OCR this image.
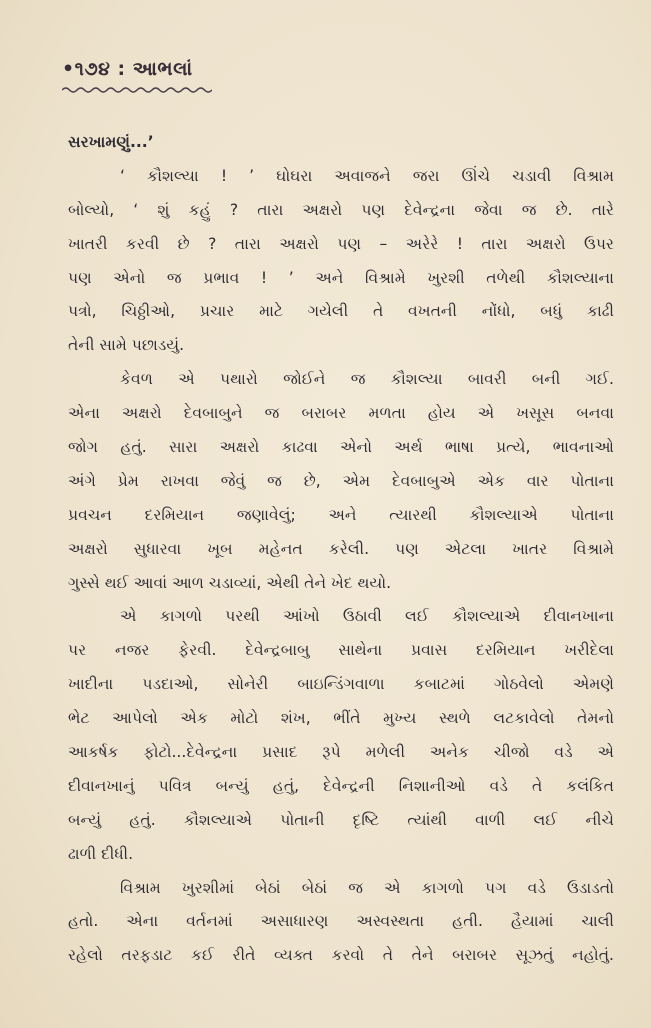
•૧૭૪ : આભલાં
સરખામણું...’
‘ કૌશલ્યા ! ’ ઘોઘરા અવાજને જરા ઊંચે ચડાવી વિશ્રામ
બોલ્યો, ‘ શું કહું ? તારા અક્ષરો પણ દેવેન્દ્રના જેવા જ છે. તારે
ખાતરી કરવી છે ? તારા અક્ષરો પણ – અરેરે ! તારા અક્ષરો ઉપર
પણ એનો જ પ્રભાવ ! ’ અને વિશ્રામે ખુરશી તળેથી કૌશલ્યાના
પત્રો, ચિઠ્ઠીઓ, પ્રચાર માટે ગયેલી તે વખતની નોંધો, બધું કાઢી
તેની સામે પછાડયું.
કેવળ એ પથારો જોઈને જ કૌશલ્યા બાવરી બની ગઈ.
એના અક્ષરો દેવબાબુને જ બરાબર મળતા હોય એ ખસૂસ બનવા
જોગ હતું. સારા અક્ષરો કાઢવા એનો અર્થ ભાષા પ્રત્યે, ભાવનાઓ
અંગે પ્રેમ રાખવા જેવું જ છે, એમ દેવબાબુએ એક વાર પોતાના
પ્રવચન દરમિયાન જણાવેલું; અને ત્યારથી કૌશલ્યાએ પોતાના
અક્ષરો સુધારવા ખૂબ મહેનત કરેલી. પણ એટલા ખાતર વિશ્રામે
ગુસ્સે થઈ આવાં આળ ચડાવ્યાં, એથી તેને ખેદ થયો.
એ કાગળો પરથી આંખો ઉઠાવી લઈ કૌશલ્યાએ દીવાનખાના
પર નજર ફેરવી. દેવેન્દ્રબાબુ સાથેના પ્રવાસ દરમિયાન ખરીદેલા
ખાદીના પડદાઓ, સોનેરી બાઇન્ડિંગવાળા કબાટમાં ગોઠવેલો એમણે
ભેટ આપેલો એક મોટો શંખ, ભીંતે મુખ્ય સ્થળે લટકાવેલો તેમનો
આકર્ષક ફોટો...દેવેન્દ્રના પ્રસાદ રૂપે મળેલી અનેક ચીજો વડે એ
દીવાનખાનું પવિત્ર બન્યું હતું, દેવેન્દ્રની નિશાનીઓ વડે તે કલંકિત
બન્યું હતું. કૌશલ્યાએ પોતાની દૃષ્ટિ ત્યાંથી વાળી લઈ નીચે
ઢાળી દીધી.
વિશ્રામ ખુરશીમાં બેઠાં બેઠાં જ એ કાગળો પગ વડે ઉડાડતો
હતો. એના વર્તનમાં અસાધારણ અસ્વસ્થતા હતી. હૈયામાં ચાલી
રહેલો તરફડાટ કઈ રીતે વ્યક્ત કરવો તે તેને બરાબર સૂઝતું નહોતું.
